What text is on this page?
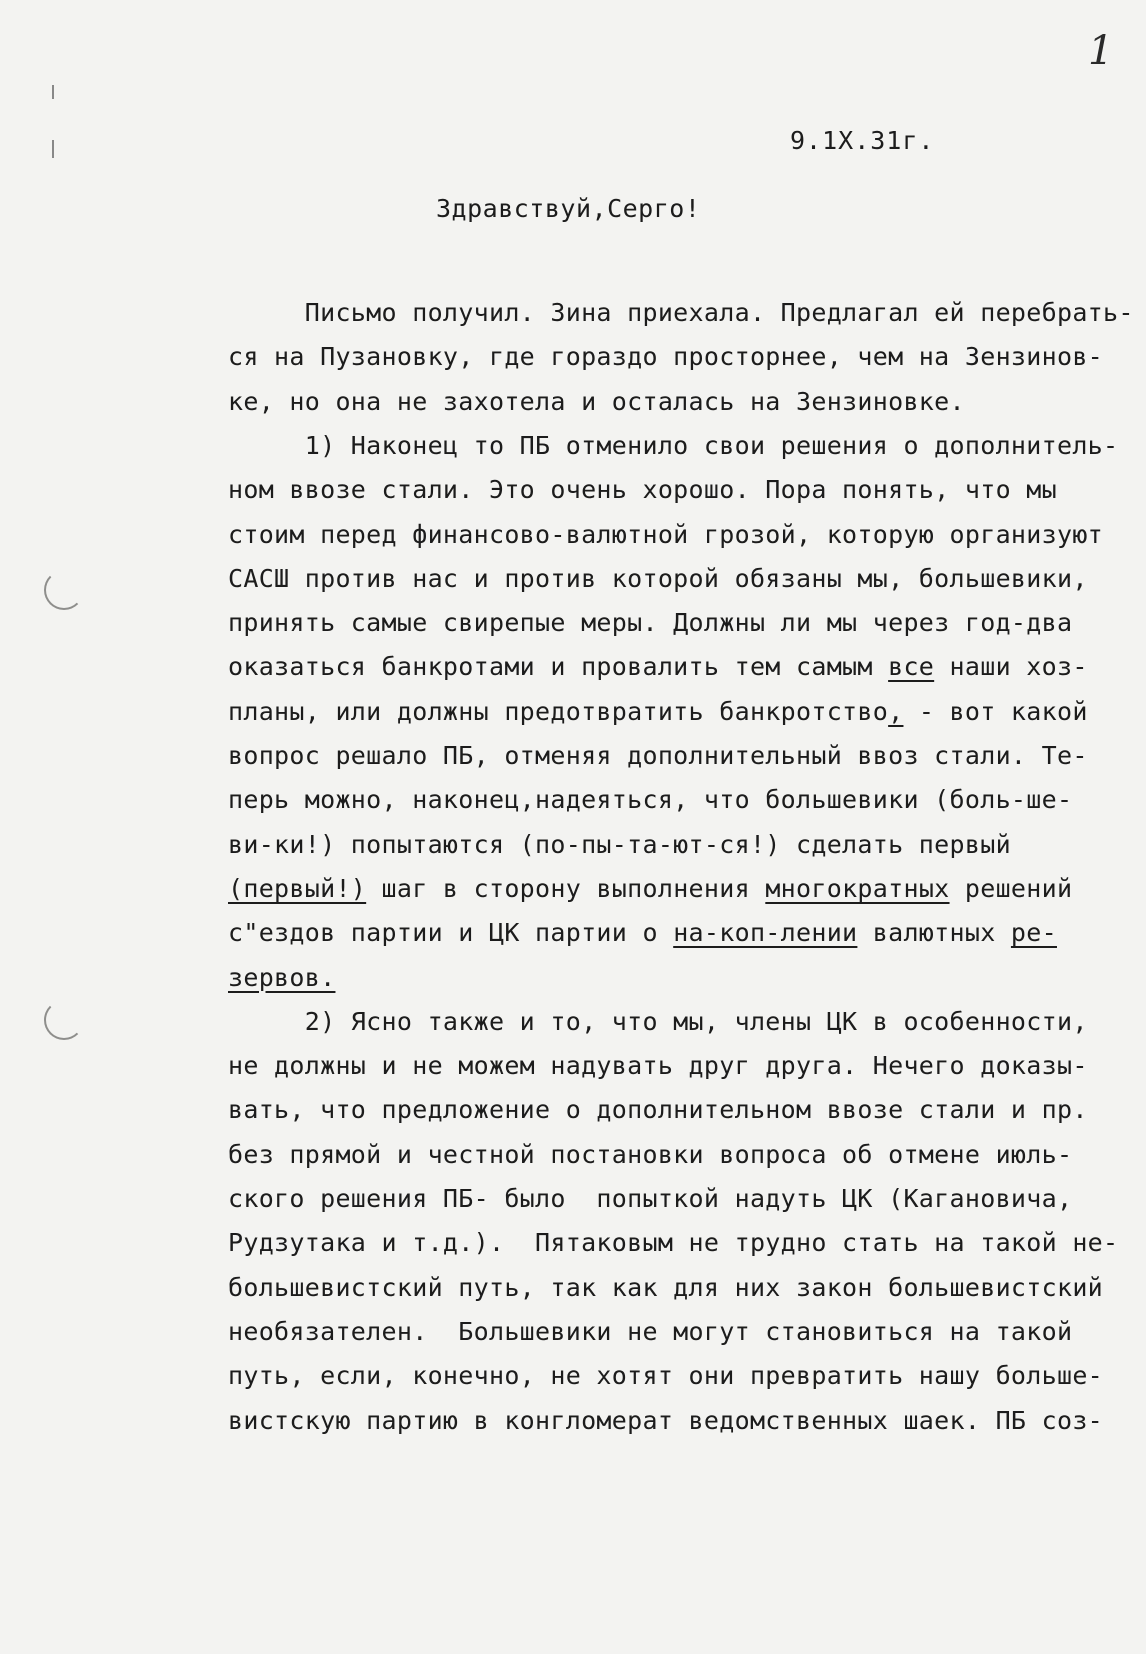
1
9.1X.31г.
Здравствуй,Серго!
Письмо получил. Зина приехала. Предлагал ей перебрать-
ся на Пузановку, где гораздо просторнее, чем на Зензинов-
ке, но она не захотела и осталась на Зензиновке.
1) Наконец то ПБ отменило свои решения о дополнитель-
ном ввозе стали. Это очень хорошо. Пора понять, что мы
стоим перед финансово-валютной грозой, которую организуют
САСШ против нас и против которой обязаны мы, большевики,
принять самые свирепые меры. Должны ли мы через год-два
оказаться банкротами и провалить тем самым все наши хоз-
планы, или должны предотвратить банкротство, - вот какой
вопрос решало ПБ, отменяя дополнительный ввоз стали. Те-
перь можно, наконец,надеяться, что большевики (боль-ше-
ви-ки!) попытаются (по-пы-та-ют-ся!) сделать первый
(первый!) шаг в сторону выполнения многократных решений
с"ездов партии и ЦК партии о на-коп-лении валютных ре-
зервов.
2) Ясно также и то, что мы, члены ЦК в особенности,
не должны и не можем надувать друг друга. Нечего доказы-
вать, что предложение о дополнительном ввозе стали и пр.
без прямой и честной постановки вопроса об отмене июль-
ского решения ПБ- было  попыткой надуть ЦК (Кагановича,
Рудзутака и т.д.).  Пятаковым не трудно стать на такой не-
большевистский путь, так как для них закон большевистский
необязателен.  Большевики не могут становиться на такой
путь, если, конечно, не хотят они превратить нашу больше-
вистскую партию в конгломерат ведомственных шаек. ПБ соз-
